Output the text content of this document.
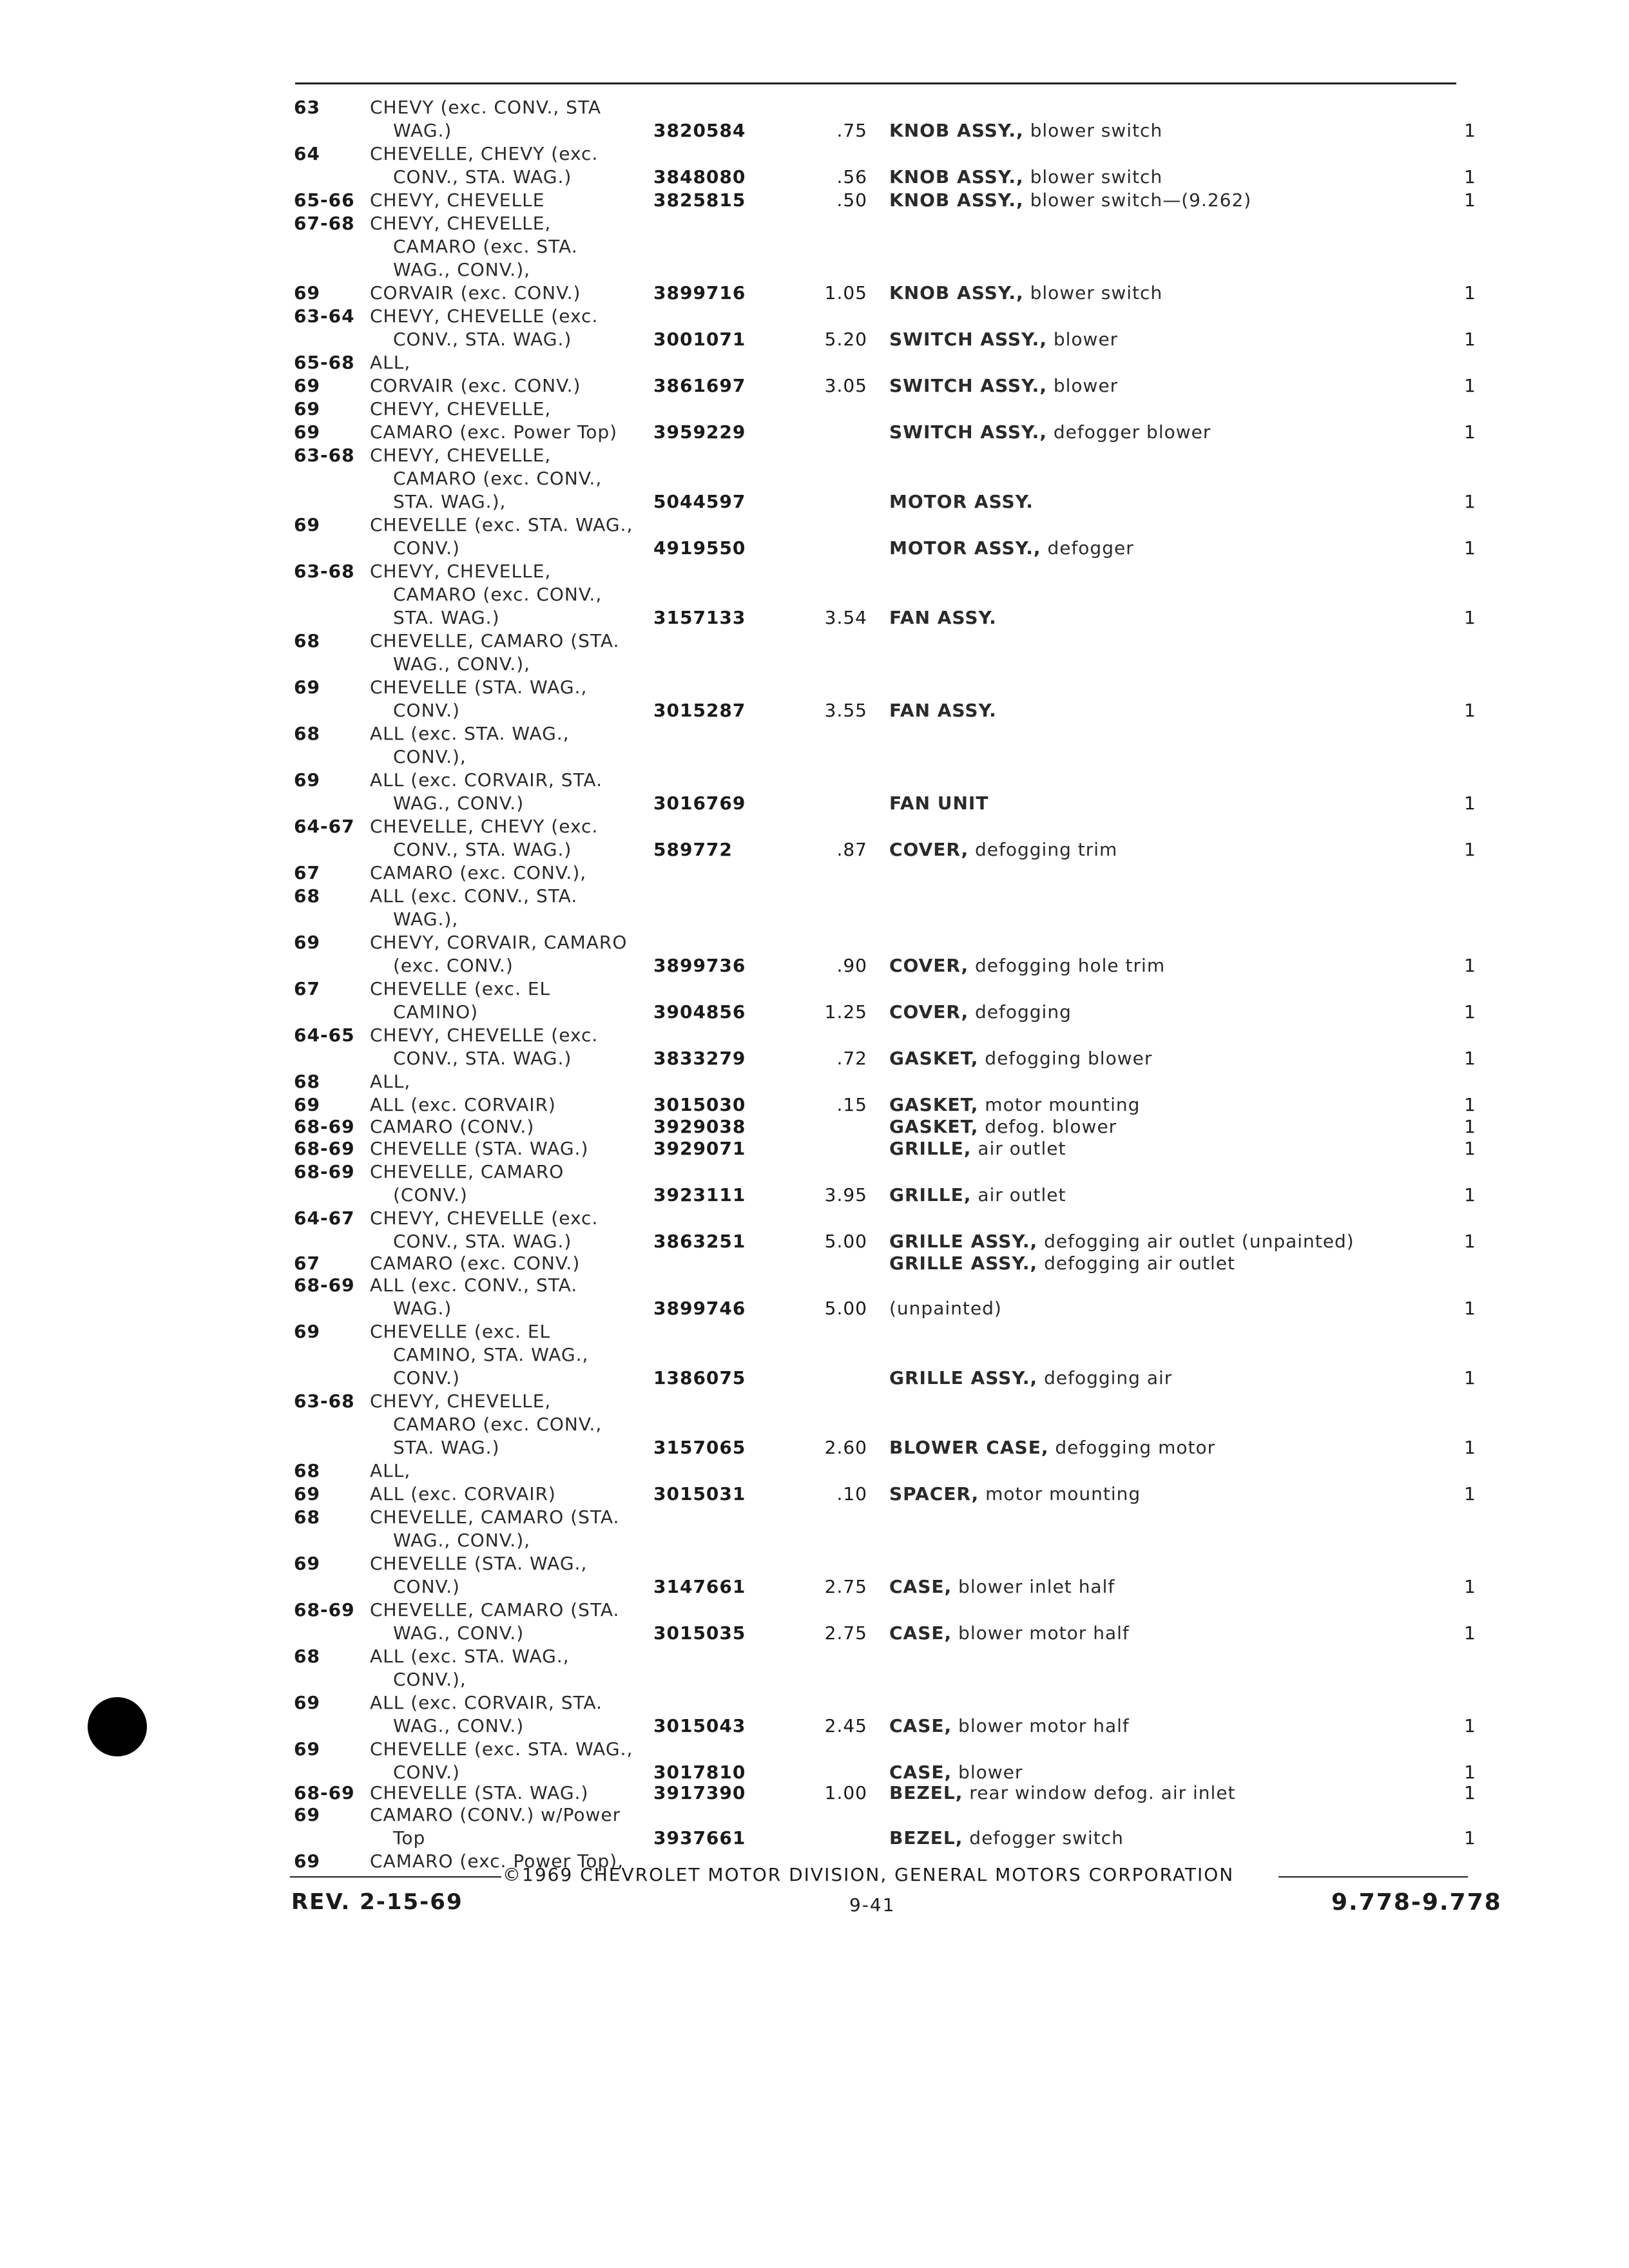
63	CHEVY (exc. CONV., STA
WAG.)	3820584	.75 KNOB ASSY., blower switch	1
64	CHEVELLE, CHEVY (exc.
CONV., STA. WAG.)	3848080	.56 KNOB ASSY., blower switch	1
65-66 CHEVY, CHEVELLE	3825815	.50 KNOB ASSY., blower switch—(9.262)	1
67-68 CHEVY, CHEVELLE,
CAMARO (exc. STA.
WAG., CONV.),
69	CORVAIR (exc. CONV.)	3899716	1.05 KNOB ASSY., blower switch	1
63-64 CHEVY, CHEVELLE (exc.
CONV., STA. WAG.)	3001071	5.20 SWITCH ASSY., blower	1
65-68 ALL,
69	CORVAIR (exc. CONV.)	3861697	3.05 SWITCH ASSY., blower	1
69	CHEVY, CHEVELLE,
69	CAMARO (exc. Power Top) 3959229	SWITCH ASSY., defogger blower	1
63-68 CHEVY, CHEVELLE,
CAMARO (exc. CONV.,
STA. WAG.),	5044597	MOTOR ASSY.	1
69	CHEVELLE (exc. STA. WAG.,
CONV.)	4919550	MOTOR ASSY., defogger	1
63-68 CHEVY, CHEVELLE,
CAMARO (exc. CONV.,
STA. WAG.)	3157133	3.54 FAN ASSY.	1
68	CHEVELLE, CAMARO (STA.
WAG., CONV.),
69	CHEVELLE (STA. WAG.,
CONV.)	3015287	3.55 FAN ASSY.	1
68	ALL (exc. STA. WAG.,
CONV.),
69	ALL (exc. CORVAIR, STA.
WAG., CONV.)	3016769	FAN UNIT	1
64-67 CHEVELLE, CHEVY (exc.
CONV., STA. WAG.)	589772	.87 COVER, defogging trim	1
67	CAMARO (exc. CONV.),
68	ALL (exc. CONV., STA.
WAG.),
69	CHEVY, CORVAIR, CAMARO
(exc. CONV.)	3899736	.90 COVER, defogging hole trim	1
67	CHEVELLE (exc. EL
CAMINO)	3904856	1.25 COVER, defogging	1
64-65 CHEVY, CHEVELLE (exc.
CONV., STA. WAG.)	3833279	.72 GASKET, defogging blower	1
68	ALL,
69	ALL (exc. CORVAIR)	3015030	.15 GASKET, motor mounting	1
68-69 CAMARO (CONV.)	3929038	GASKET, defog. blower	1
68-69 CHEVELLE (STA. WAG.)	3929071	GRILLE, air outlet	1
68-69 CHEVELLE, CAMARO
(CONV.)	3923111	3.95 GRILLE, air outlet	1
64-67 CHEVY, CHEVELLE (exc.
CONV., STA. WAG.)	3863251	5.00 GRILLE ASSY., defogging air outlet (unpainted)	1
67	CAMARO (exc. CONV.)	GRILLE ASSY., defogging air outlet
68-69 ALL (exc. CONV., STA.
WAG.)	3899746	5.00 (unpainted)	1
69	CHEVELLE (exc. EL
CAMINO, STA. WAG.,
CONV.)	1386075	GRILLE ASSY., defogging air	1
63-68 CHEVY, CHEVELLE,
CAMARO (exc. CONV.,
STA. WAG.)	3157065	2.60 BLOWER CASE, defogging motor	1
68	ALL,
69	ALL (exc. CORVAIR)	3015031	.10 SPACER, motor mounting	1
68	CHEVELLE, CAMARO (STA.
WAG., CONV.),
69	CHEVELLE (STA. WAG.,
CONV.)	3147661	2.75 CASE, blower inlet half	1
68-69 CHEVELLE, CAMARO (STA.
WAG., CONV.)	3015035	2.75 CASE, blower motor half	1
68	ALL (exc. STA. WAG.,
CONV.),
69	ALL (exc. CORVAIR, STA.
WAG., CONV.)	3015043	2.45 CASE, blower motor half	1
69	CHEVELLE (exc. STA. WAG.,
CONV.)	3017810	CASE, blower	1
68-69 CHEVELLE (STA. WAG.)	3917390	1.00 BEZEL, rear window defog. air inlet	1
69	CAMARO (CONV.) w/Power
Top	3937661	BEZEL, defogger switch	1
69	CAMARO (exc. Power Top),
©1969 CHEVROLET MOTOR DIVISION, GENERAL MOTORS CORPORATION
REV. 2-15-69	9-41	9.778-9.778
